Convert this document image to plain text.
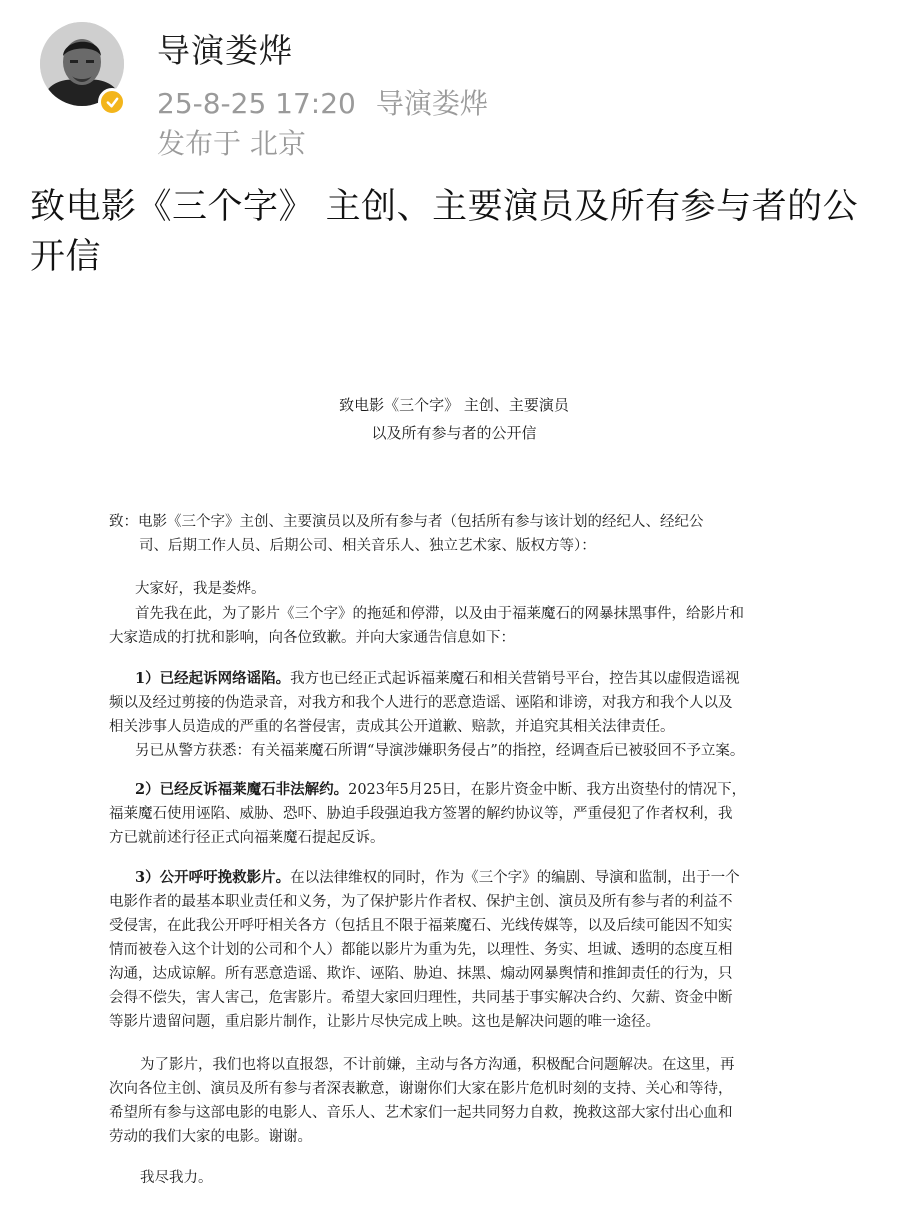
导演娄烨
25-8-25 17:20 导演娄烨
发布于 北京
致电影《三个字》 主创、主要演员及所有参与者的公开信
致电影《三个字》 主创、主要演员
以及所有参与者的公开信
致：电影《三个字》主创、主要演员以及所有参与者（包括所有参与该计划的经纪人、经纪公
司、后期工作人员、后期公司、相关音乐人、独立艺术家、版权方等）：
大家好，我是娄烨。
首先我在此，为了影片《三个字》的拖延和停滞，以及由于福莱魔石的网暴抹黑事件，给影片和
大家造成的打扰和影响，向各位致歉。并向大家通告信息如下：
1）已经起诉网络谣陷。我方也已经正式起诉福莱魔石和相关营销号平台，控告其以虚假造谣视
频以及经过剪接的伪造录音，对我方和我个人进行的恶意造谣、诬陷和诽谤，对我方和我个人以及
相关涉事人员造成的严重的名誉侵害，责成其公开道歉、赔款，并追究其相关法律责任。
另已从警方获悉：有关福莱魔石所谓“导演涉嫌职务侵占”的指控，经调查后已被驳回不予立案。
2）已经反诉福莱魔石非法解约。2023年5月25日，在影片资金中断、我方出资垫付的情况下，
福莱魔石使用诬陷、威胁、恐吓、胁迫手段强迫我方签署的解约协议等，严重侵犯了作者权利，我
方已就前述行径正式向福莱魔石提起反诉。
3）公开呼吁挽救影片。在以法律维权的同时，作为《三个字》的编剧、导演和监制，出于一个
电影作者的最基本职业责任和义务，为了保护影片作者权、保护主创、演员及所有参与者的利益不
受侵害，在此我公开呼吁相关各方（包括且不限于福莱魔石、光线传媒等，以及后续可能因不知实
情而被卷入这个计划的公司和个人）都能以影片为重为先，以理性、务实、坦诚、透明的态度互相
沟通，达成谅解。所有恶意造谣、欺诈、诬陷、胁迫、抹黑、煽动网暴舆情和推卸责任的行为，只
会得不偿失，害人害己，危害影片。希望大家回归理性，共同基于事实解决合约、欠薪、资金中断
等影片遗留问题，重启影片制作，让影片尽快完成上映。这也是解决问题的唯一途径。
为了影片，我们也将以直报怨，不计前嫌，主动与各方沟通，积极配合问题解决。在这里，再
次向各位主创、演员及所有参与者深表歉意，谢谢你们大家在影片危机时刻的支持、关心和等待，
希望所有参与这部电影的电影人、音乐人、艺术家们一起共同努力自救，挽救这部大家付出心血和
劳动的我们大家的电影。谢谢。
我尽我力。
